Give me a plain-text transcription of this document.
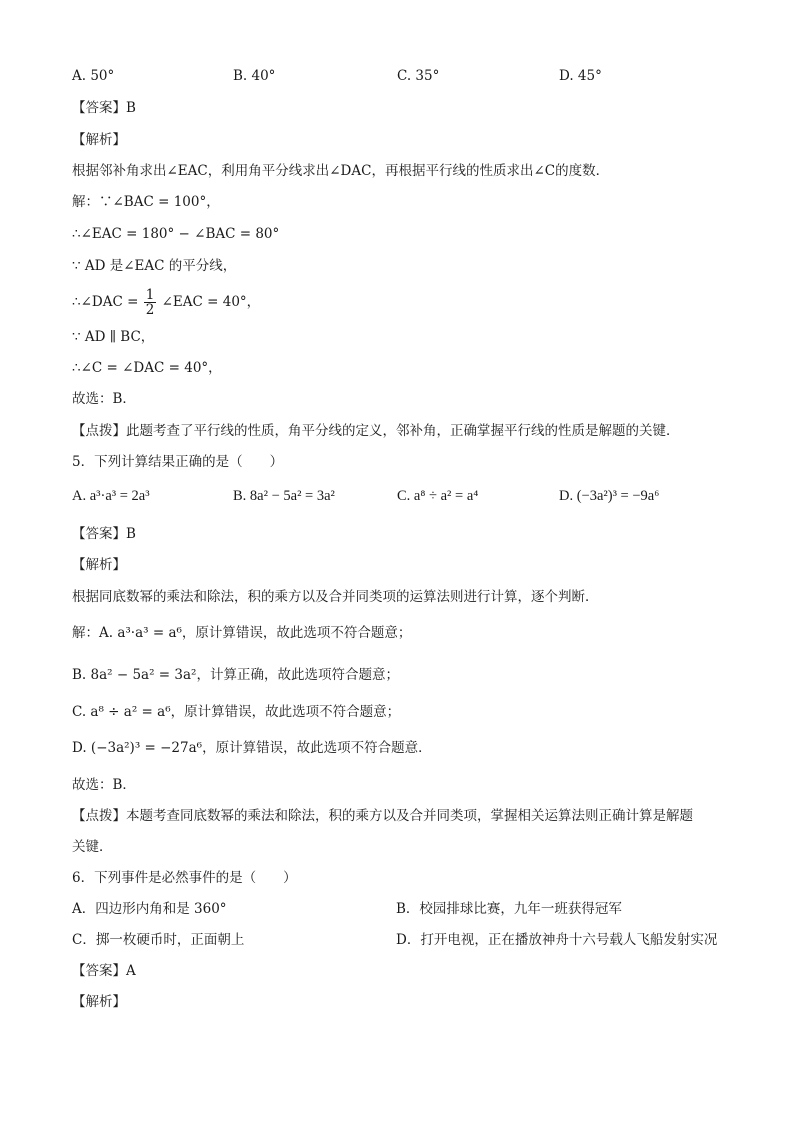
A. 50°	B. 40°	C. 35°	D. 45°
【答案】B
【解析】
根据邻补角求出∠EAC，利用角平分线求出∠DAC，再根据平行线的性质求出∠C的度数．
解：∵∠BAC = 100°，
∴∠EAC = 180° − ∠BAC = 80°
∵ AD 是∠EAC 的平分线，
∴∠DAC = $\frac{1}{2}$ ∠EAC = 40°，
∵ AD ∥ BC，
∴∠C = ∠DAC = 40°，
故选：B．
【点拨】此题考查了平行线的性质，角平分线的定义，邻补角，正确掌握平行线的性质是解题的关键．
5．下列计算结果正确的是（　　）
A. a³·a³ = 2a³	B. 8a² − 5a² = 3a²	C. a⁸ ÷ a² = a⁴	D. (−3a²)³ = −9a⁶
【答案】B
【解析】
根据同底数幂的乘法和除法，积的乘方以及合并同类项的运算法则进行计算，逐个判断．
解：A. a³·a³ = a⁶，原计算错误，故此选项不符合题意；
B. 8a² − 5a² = 3a²，计算正确，故此选项符合题意；
C. a⁸ ÷ a² = a⁶，原计算错误，故此选项不符合题意；
D. (−3a²)³ = −27a⁶，原计算错误，故此选项不符合题意．
故选：B．
【点拨】本题考查同底数幂的乘法和除法，积的乘方以及合并同类项，掌握相关运算法则正确计算是解题
关键．
6．下列事件是必然事件的是（　　）
A．四边形内角和是 360°	B．校园排球比赛，九年一班获得冠军
C．掷一枚硬币时，正面朝上	D．打开电视，正在播放神舟十六号载人飞船发射实况
【答案】A
【解析】
